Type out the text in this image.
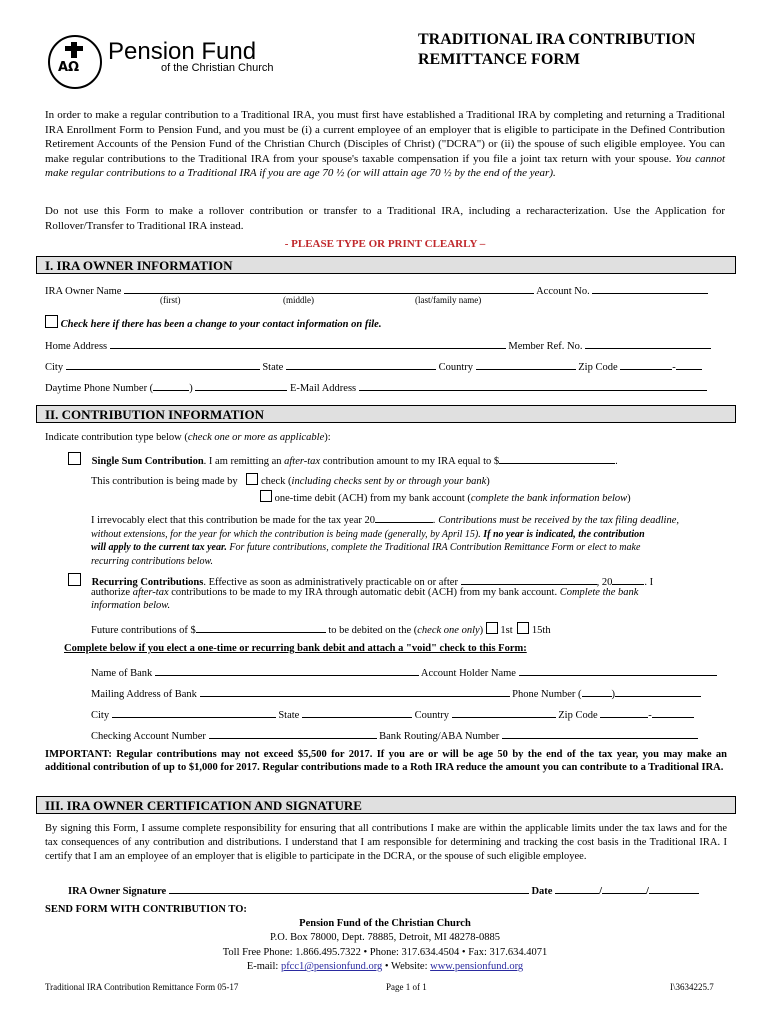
AΩ
Pension Fund
of the Christian Church
TRADITIONAL IRA CONTRIBUTION
REMITTANCE FORM
In order to make a regular contribution to a Traditional IRA, you must first have established a Traditional IRA by completing and returning a Traditional IRA Enrollment Form to Pension Fund, and you must be (i) a current employee of an employer that is eligible to participate in the Defined Contribution Retirement Accounts of the Pension Fund of the Christian Church (Disciples of Christ) ("DCRA") or (ii) the spouse of such eligible employee. You can make regular contributions to the Traditional IRA from your spouse's taxable compensation if you file a joint tax return with your spouse. You cannot make regular contributions to a Traditional IRA if you are age 70 ½ (or will attain age 70 ½ by the end of the year).
Do not use this Form to make a rollover contribution or transfer to a Traditional IRA, including a recharacterization. Use the Application for Rollover/Transfer to Traditional IRA instead.
- PLEASE TYPE OR PRINT CLEARLY –
I. IRA OWNER INFORMATION
IRA Owner Name	Account No.
(first)	(middle)	(last/family name)
Check here if there has been a change to your contact information on file.
Home Address	Member Ref. No.
City	State	Country	Zip Code	-
Daytime Phone Number (	)	E-Mail Address
II. CONTRIBUTION INFORMATION
Indicate contribution type below (check one or more as applicable):
Single Sum Contribution. I am remitting an after-tax contribution amount to my IRA equal to $	.
This contribution is being made by check (including checks sent by or through your bank)
one-time debit (ACH) from my bank account (complete the bank information below)
I irrevocably elect that this contribution be made for the tax year 20	. Contributions must be received by the tax filing deadline,
without extensions, for the year for which the contribution is being made (generally, by April 15). If no year is indicated, the contribution
will apply to the current tax year. For future contributions, complete the Traditional IRA Contribution Remittance Form or elect to make
recurring contributions below.
Recurring Contributions. Effective as soon as administratively practicable on or after	, 20	. I
authorize after-tax contributions to be made to my IRA through automatic debit (ACH) from my bank account. Complete the bank
information below.
Future contributions of $	to be debited on the (check one only) 1st 15th
Complete below if you elect a one-time or recurring bank debit and attach a "void" check to this Form:
Name of Bank	Account Holder Name
Mailing Address of Bank	Phone Number (	)
City	State	Country	Zip Code	-
Checking Account Number	Bank Routing/ABA Number
IMPORTANT: Regular contributions may not exceed $5,500 for 2017. If you are or will be age 50 by the end of the tax year, you may make an additional contribution of up to $1,000 for 2017. Regular contributions made to a Roth IRA reduce the amount you can contribute to a Traditional IRA.
III. IRA OWNER CERTIFICATION AND SIGNATURE
By signing this Form, I assume complete responsibility for ensuring that all contributions I make are within the applicable limits under the tax laws and for the tax consequences of any contribution and distributions. I understand that I am responsible for determining and tracking the cost basis in the Traditional IRA. I certify that I am an employee of an employer that is eligible to participate in the DCRA, or the spouse of such eligible employee.
IRA Owner Signature	Date	/	/
SEND FORM WITH CONTRIBUTION TO:
Pension Fund of the Christian Church
P.O. Box 78000, Dept. 78885, Detroit, MI 48278-0885
Toll Free Phone: 1.866.495.7322 • Phone: 317.634.4504 • Fax: 317.634.4071
E-mail: pfcc1@pensionfund.org • Website: www.pensionfund.org
Traditional IRA Contribution Remittance Form 05-17	Page 1 of 1	I\3634225.7
